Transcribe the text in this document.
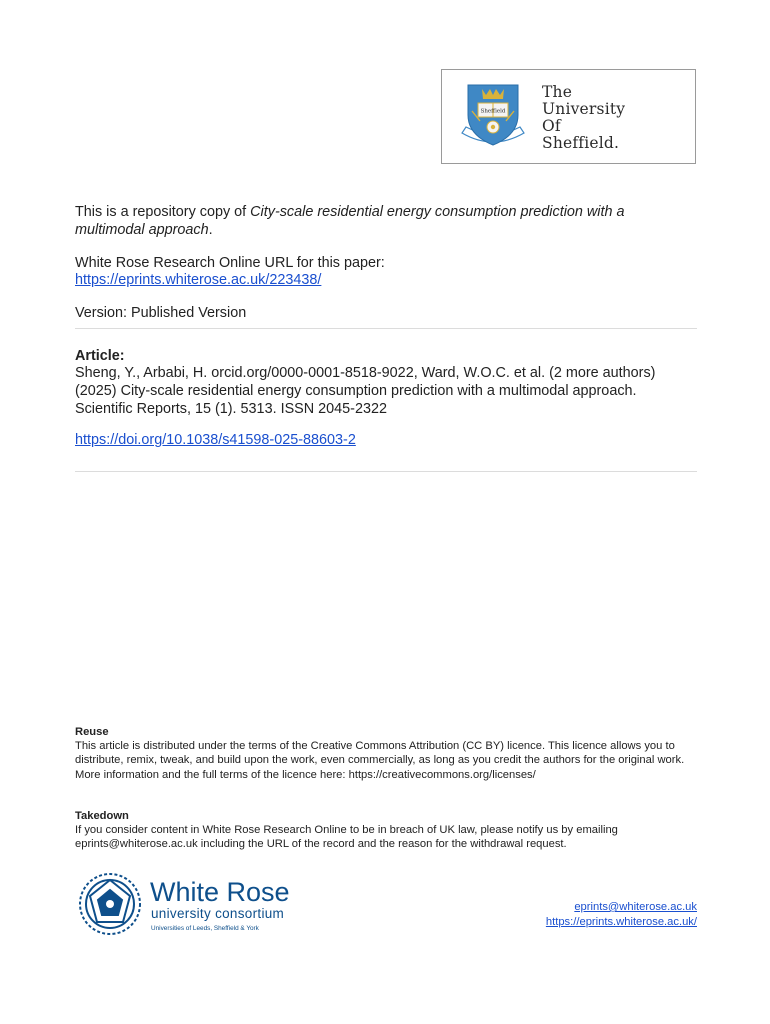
Sheffield
The
University
Of
Sheffield.
This is a repository copy of City-scale residential energy consumption prediction with a multimodal approach.
White Rose Research Online URL for this paper:
https://eprints.whiterose.ac.uk/223438/
Version: Published Version
Article:
Sheng, Y., Arbabi, H. orcid.org/0000-0001-8518-9022, Ward, W.O.C. et al. (2 more authors) (2025) City-scale residential energy consumption prediction with a multimodal approach. Scientific Reports, 15 (1). 5313. ISSN 2045-2322
https://doi.org/10.1038/s41598-025-88603-2
Reuse
This article is distributed under the terms of the Creative Commons Attribution (CC BY) licence. This licence allows you to distribute, remix, tweak, and build upon the work, even commercially, as long as you credit the authors for the original work. More information and the full terms of the licence here: https://creativecommons.org/licenses/
Takedown
If you consider content in White Rose Research Online to be in breach of UK law, please notify us by emailing eprints@whiterose.ac.uk including the URL of the record and the reason for the withdrawal request.
White Rose
university consortium
Universities of Leeds, Sheffield & York
eprints@whiterose.ac.uk
https://eprints.whiterose.ac.uk/
